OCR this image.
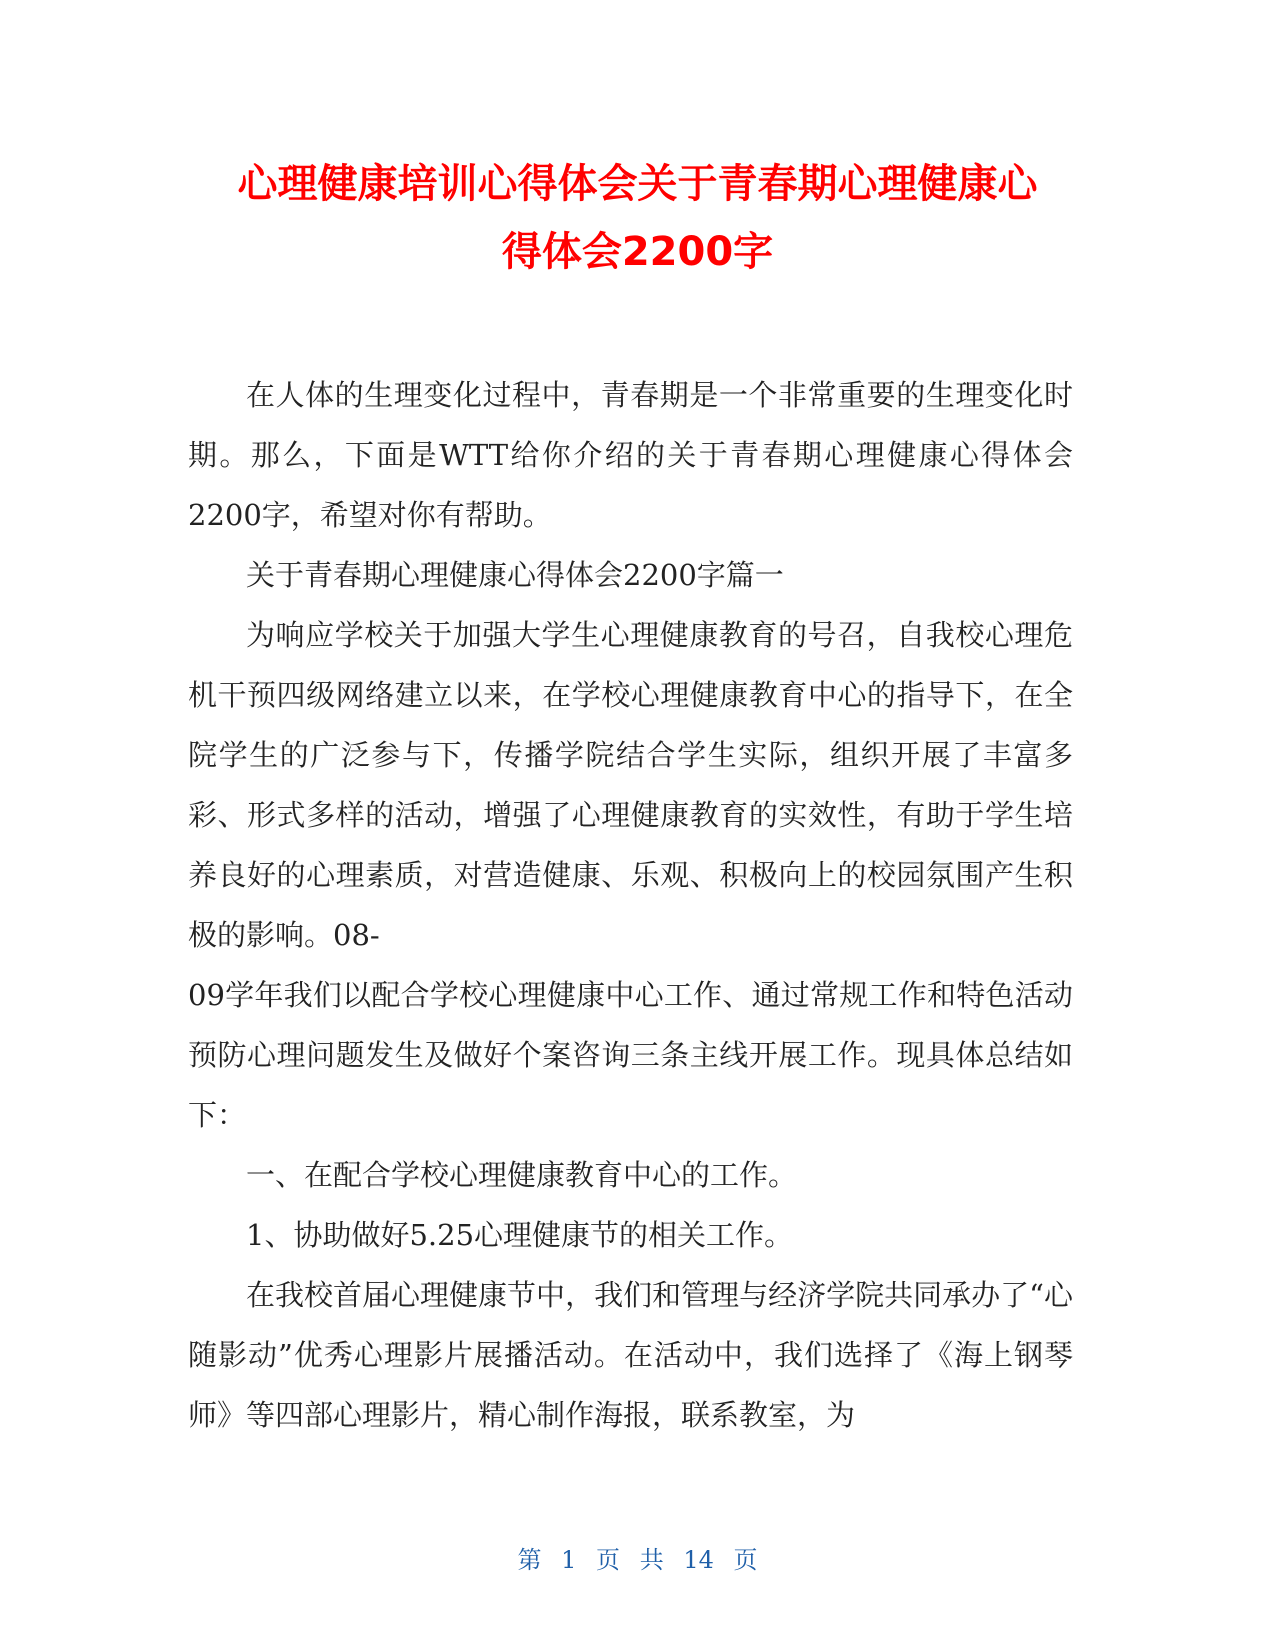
心理健康培训心得体会关于青春期心理健康心
得体会2200字

在人体的生理变化过程中，青春期是一个非常重要的生理变化时期。那么，下面是WTT给你介绍的关于青春期心理健康心得体会2200字，希望对你有帮助。

关于青春期心理健康心得体会2200字篇一

为响应学校关于加强大学生心理健康教育的号召，自我校心理危机干预四级网络建立以来，在学校心理健康教育中心的指导下，在全院学生的广泛参与下，传播学院结合学生实际，组织开展了丰富多彩、形式多样的活动，增强了心理健康教育的实效性，有助于学生培养良好的心理素质，对营造健康、乐观、积极向上的校园氛围产生积极的影响。08-

09学年我们以配合学校心理健康中心工作、通过常规工作和特色活动预防心理问题发生及做好个案咨询三条主线开展工作。现具体总结如下：

一、在配合学校心理健康教育中心的工作。

1、协助做好5.25心理健康节的相关工作。

在我校首届心理健康节中，我们和管理与经济学院共同承办了“心随影动”优秀心理影片展播活动。在活动中，我们选择了《海上钢琴师》等四部心理影片，精心制作海报，联系教室，为

第 1 页 共 14 页
